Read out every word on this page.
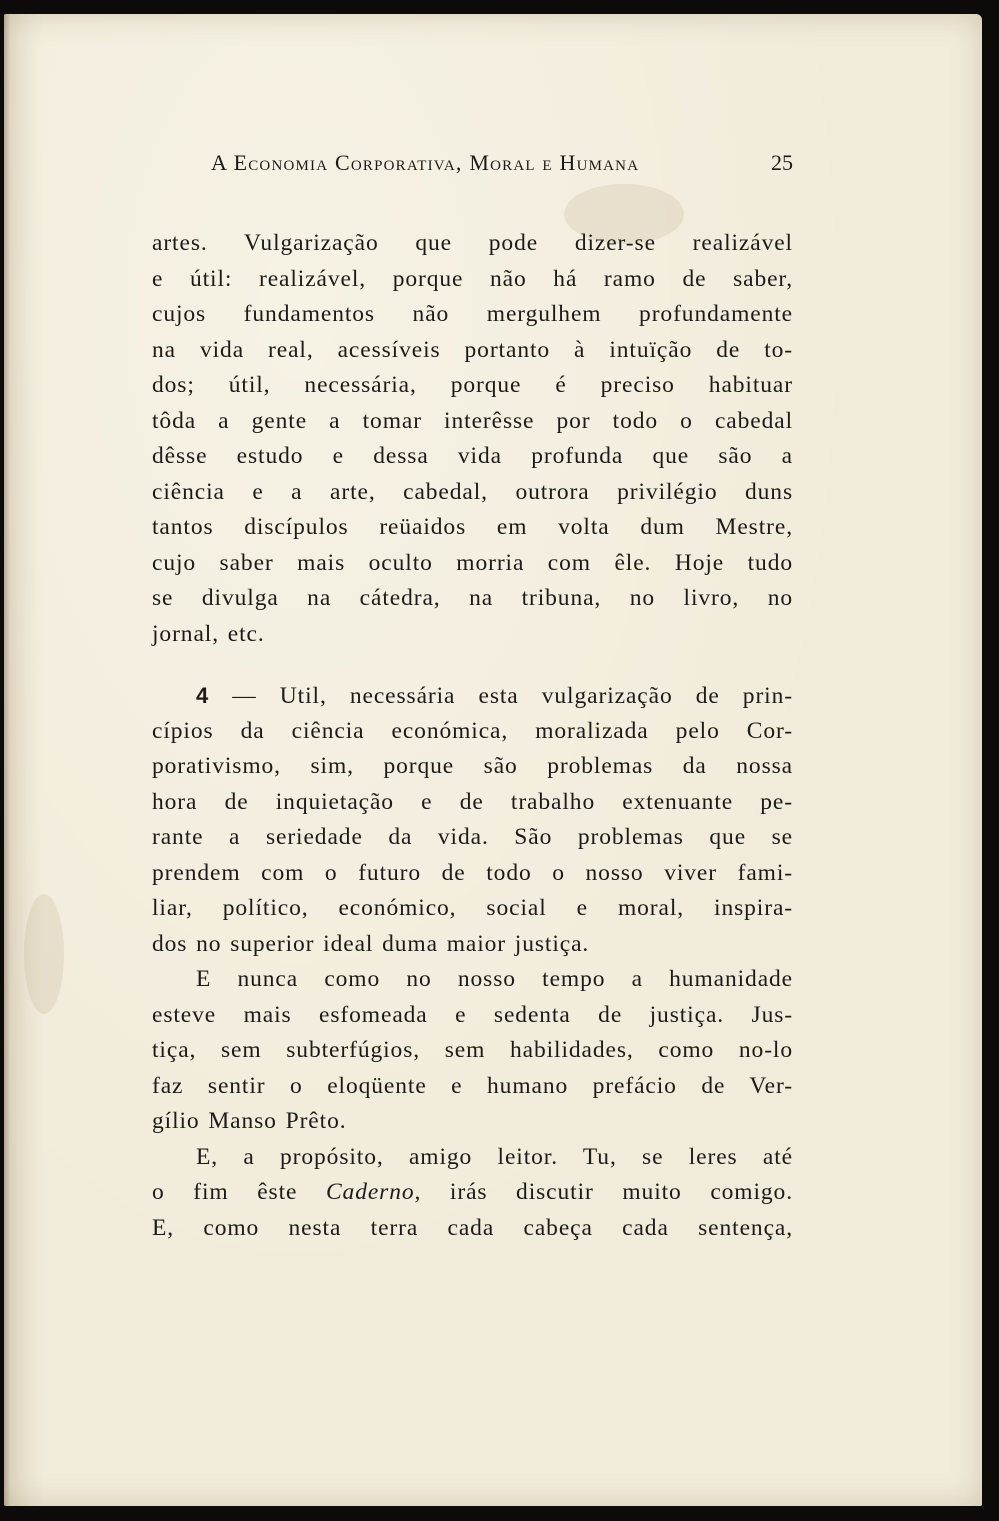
A Economia Corporativa, Moral e Humana	25
artes. Vulgarização que pode dizer-se realizável
e útil: realizável, porque não há ramo de saber,
cujos fundamentos não mergulhem profundamente
na vida real, acessíveis portanto à intuïção de to-
dos; útil, necessária, porque é preciso habituar
tôda a gente a tomar interêsse por todo o cabedal
dêsse estudo e dessa vida profunda que são a
ciência e a arte, cabedal, outrora privilégio duns
tantos discípulos reüaidos em volta dum Mestre,
cujo saber mais oculto morria com êle. Hoje tudo
se divulga na cátedra, na tribuna, no livro, no
jornal, etc.
4 — Util, necessária esta vulgarização de prin-
cípios da ciência económica, moralizada pelo Cor-
porativismo, sim, porque são problemas da nossa
hora de inquietação e de trabalho extenuante pe-
rante a seriedade da vida. São problemas que se
prendem com o futuro de todo o nosso viver fami-
liar, político, económico, social e moral, inspira-
dos no superior ideal duma maior justiça.
E nunca como no nosso tempo a humanidade
esteve mais esfomeada e sedenta de justiça. Jus-
tiça, sem subterfúgios, sem habilidades, como no-lo
faz sentir o eloqüente e humano prefácio de Ver-
gílio Manso Prêto.
E, a propósito, amigo leitor. Tu, se leres até
o fim êste Caderno, irás discutir muito comigo.
E, como nesta terra cada cabeça cada sentença,
